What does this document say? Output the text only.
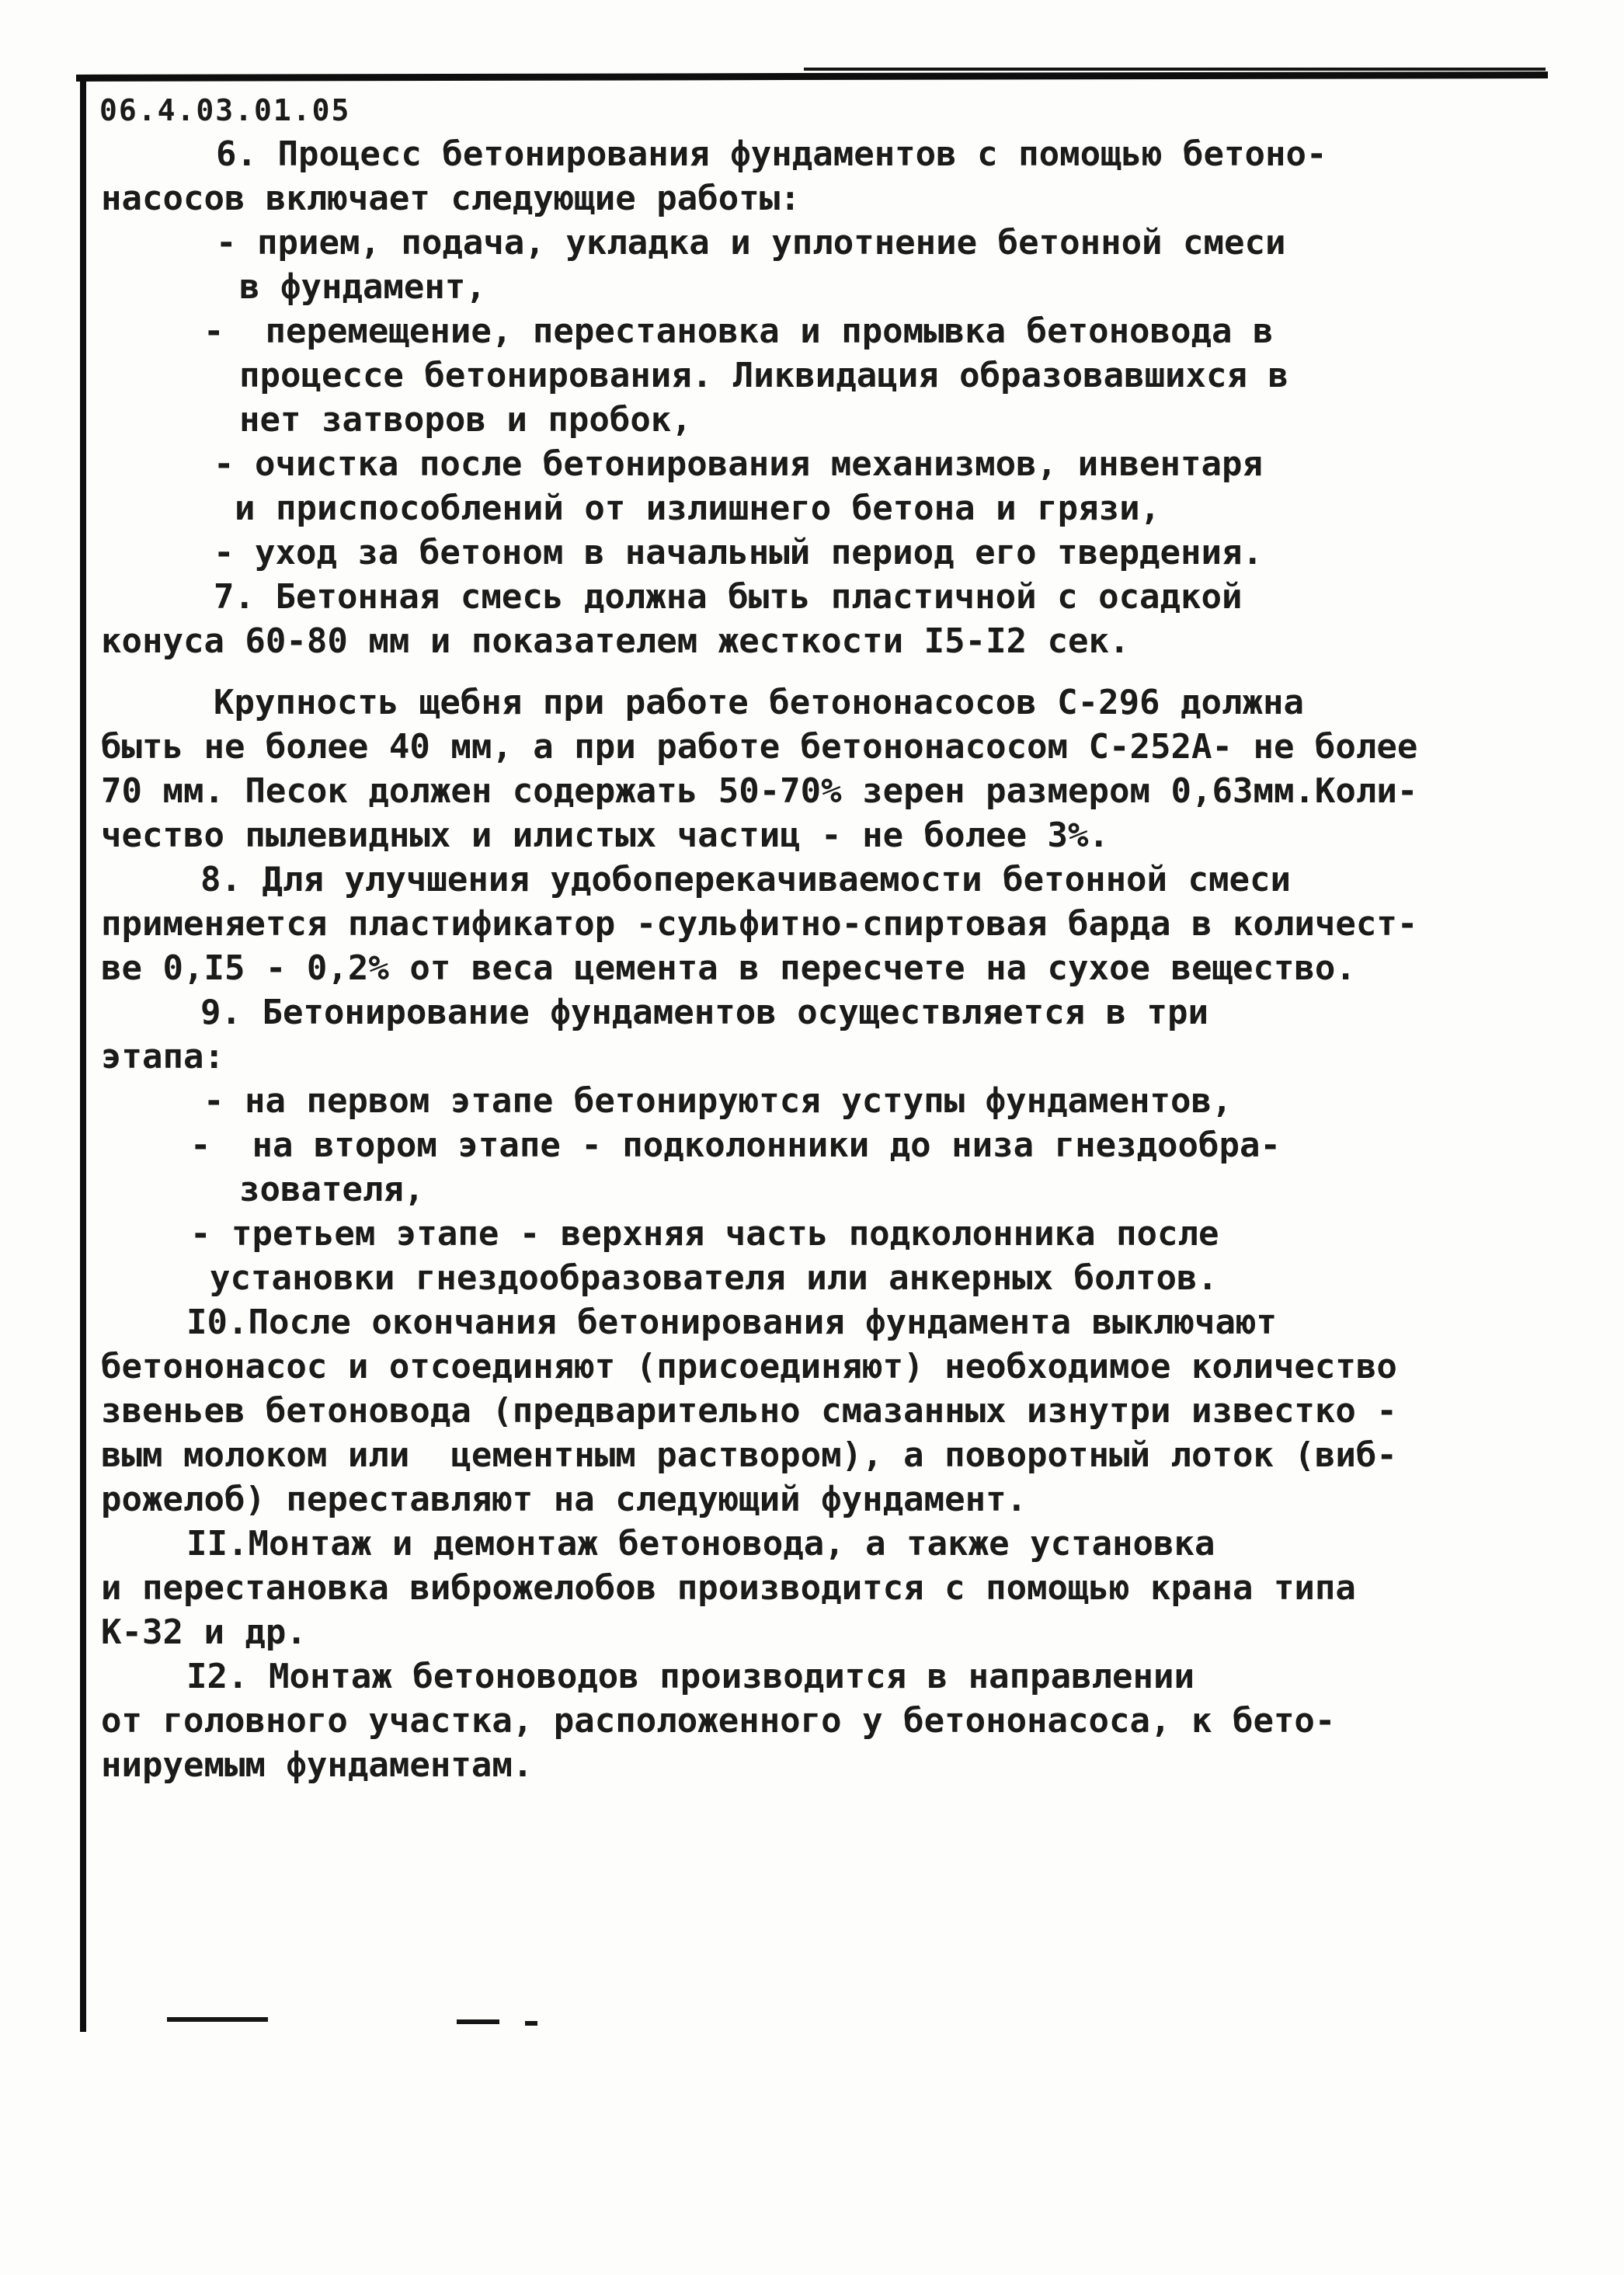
06.4.03.01.05
6. Процесс бетонирования фундаментов с помощью бетоно-
насосов включает следующие работы:
- прием, подача, укладка и уплотнение бетонной смеси
в фундамент,
-  перемещение, перестановка и промывка бетоновода в
процессе бетонирования. Ликвидация образовавшихся в
нет затворов и пробок,
- очистка после бетонирования механизмов, инвентаря
и приспособлений от излишнего бетона и грязи,
- уход за бетоном в начальный период его твердения.
7. Бетонная смесь должна быть пластичной с осадкой
конуса 60-80 мм и показателем жесткости I5-I2 сек.
Крупность щебня при работе бетононасосов С-296 должна
быть не более 40 мм, а при работе бетононасосом С-252А- не более
70 мм. Песок должен содержать 50-70% зерен размером 0,63мм.Коли-
чество пылевидных и илистых частиц - не более 3%.
8. Для улучшения удобоперекачиваемости бетонной смеси
применяется пластификатор -сульфитно-спиртовая барда в количест-
ве 0,I5 - 0,2% от веса цемента в пересчете на сухое вещество.
9. Бетонирование фундаментов осуществляется в три
этапа:
- на первом этапе бетонируются уступы фундаментов,
-  на втором этапе - подколонники до низа гнездообра-
зователя,
- третьем этапе - верхняя часть подколонника после
установки гнездообразователя или анкерных болтов.
I0.После окончания бетонирования фундамента выключают
бетононасос и отсоединяют (присоединяют) необходимое количество
звеньев бетоновода (предварительно смазанных изнутри известко -
вым молоком или  цементным раствором), а поворотный лоток (виб-
рожелоб) переставляют на следующий фундамент.
II.Монтаж и демонтаж бетоновода, а также установка
и перестановка виброжелобов производится с помощью крана типа
К-32 и др.
I2. Монтаж бетоноводов производится в направлении
от головного участка, расположенного у бетононасоса, к бето-
нируемым фундаментам.
